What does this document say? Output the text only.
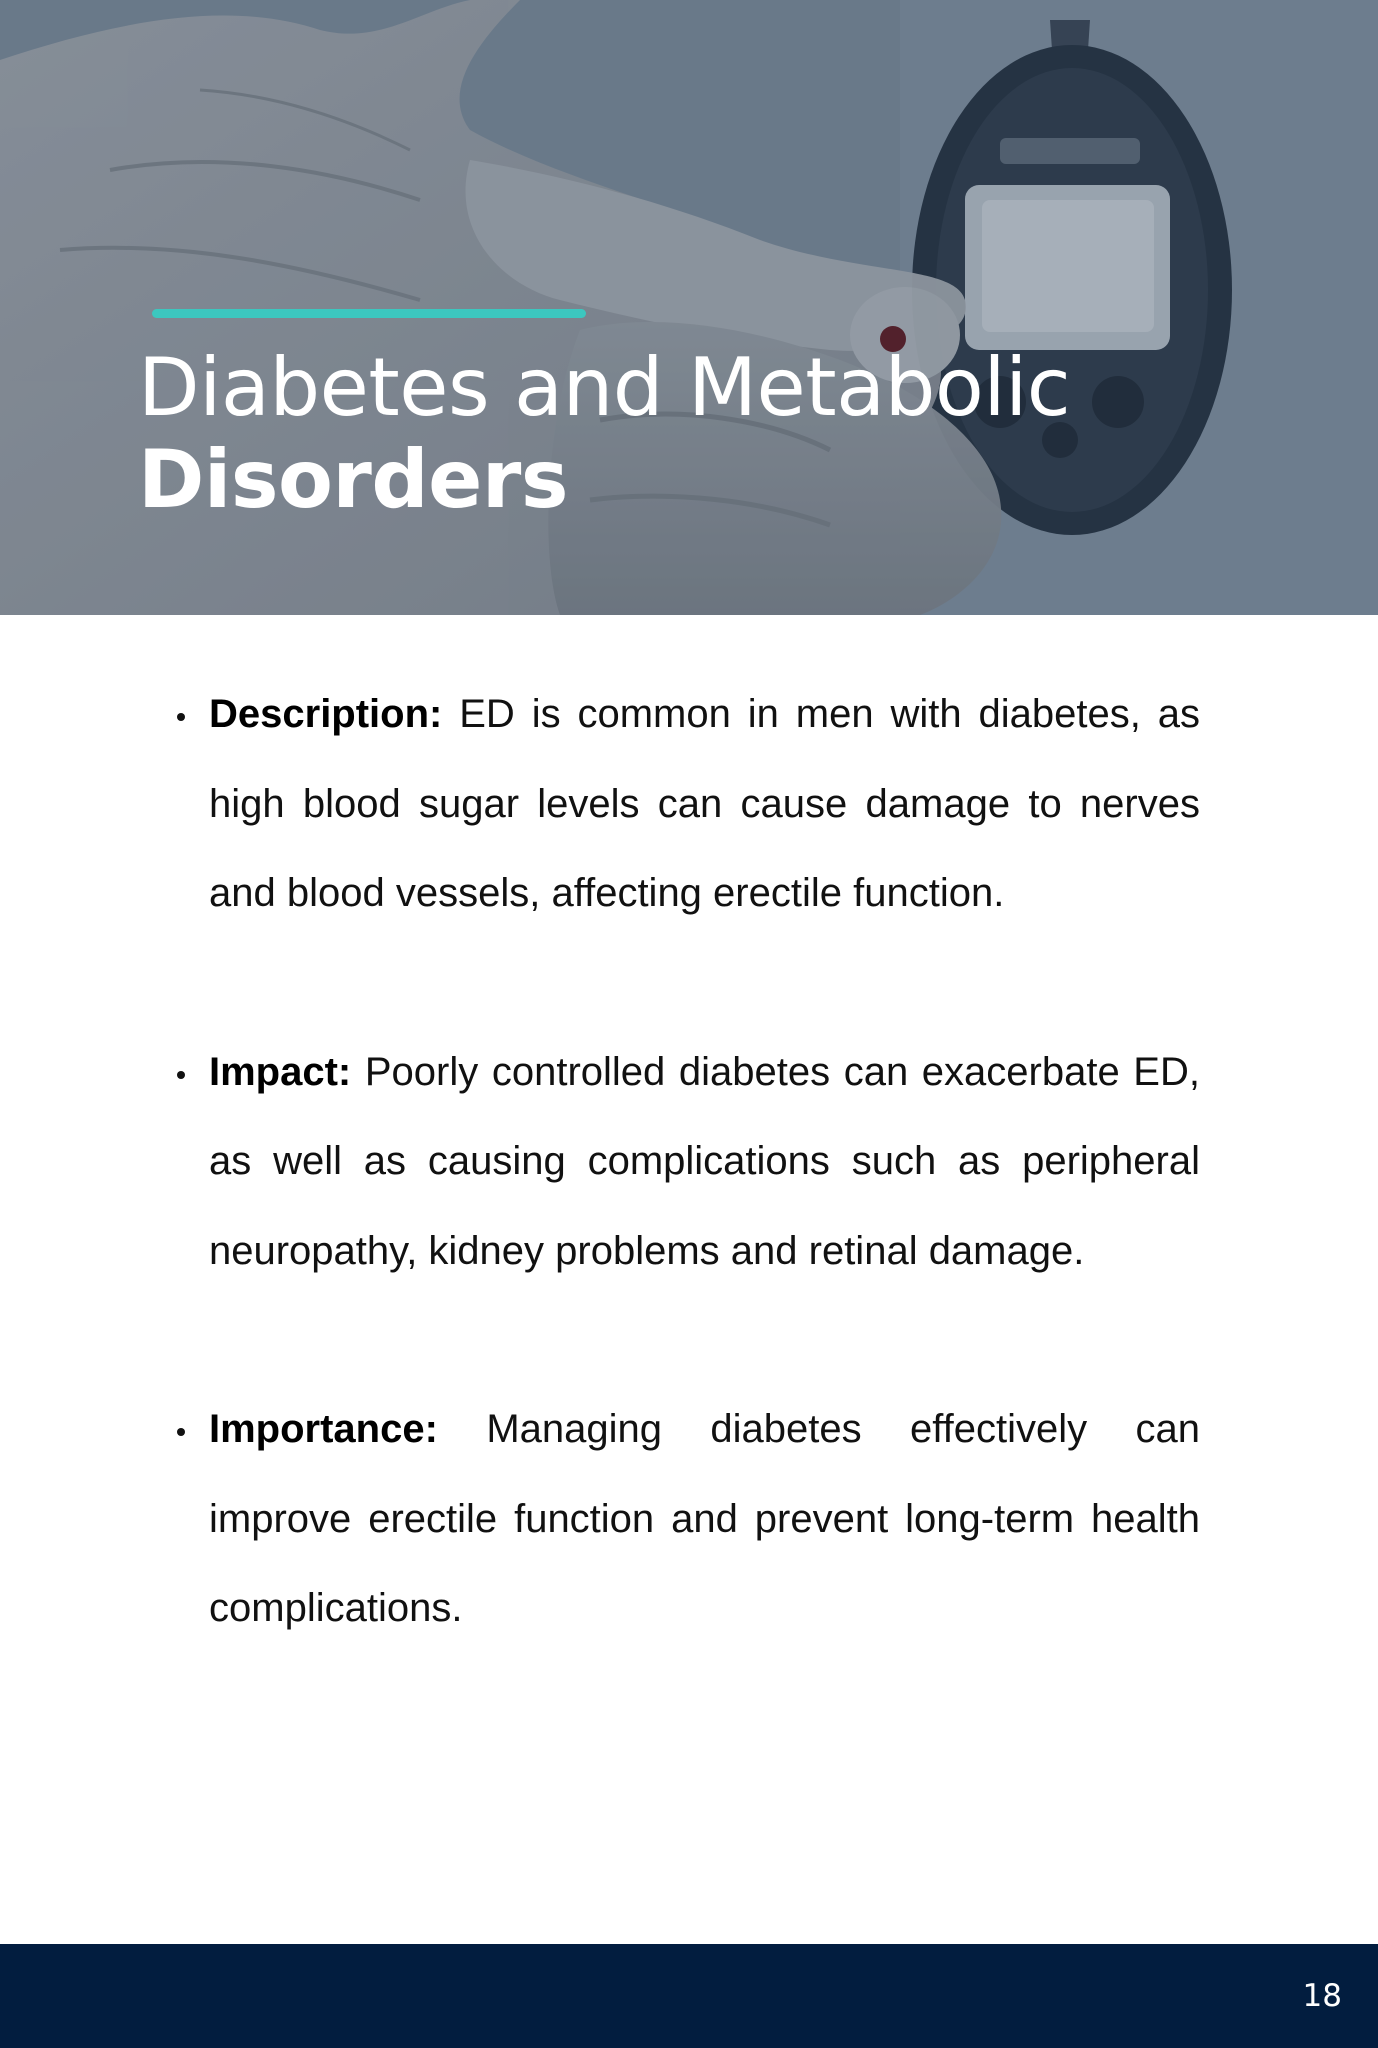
Diabetes and Metabolic
Disorders
Description: ED is common in men with diabetes, as high blood sugar levels can cause damage to nerves and blood vessels, affecting erectile function.
Impact: Poorly controlled diabetes can exacerbate ED, as well as causing complications such as peripheral neuropathy, kidney problems and retinal damage.
Importance: Managing diabetes effectively can improve erectile function and prevent long-term health complications.
18
